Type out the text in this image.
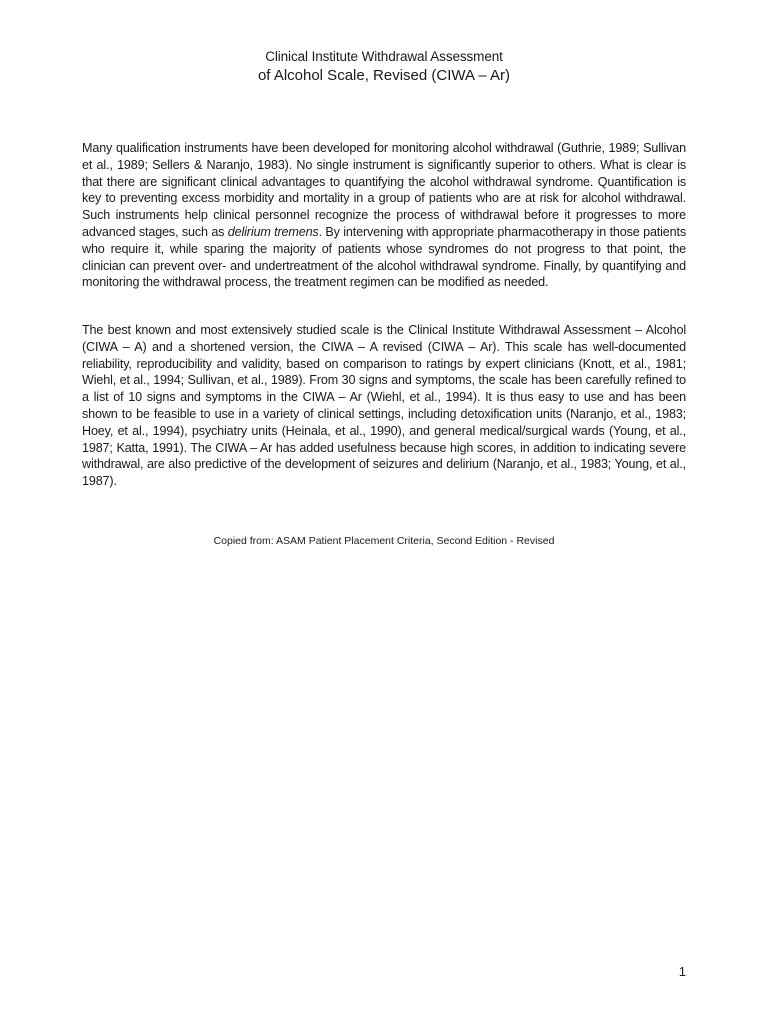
Clinical Institute Withdrawal Assessment
of Alcohol Scale, Revised (CIWA – Ar)

Many qualification instruments have been developed for monitoring alcohol withdrawal (Guthrie, 1989; Sullivan et al., 1989; Sellers & Naranjo, 1983). No single instrument is significantly superior to others. What is clear is that there are significant clinical advantages to quantifying the alcohol withdrawal syndrome. Quantification is key to preventing excess morbidity and mortality in a group of patients who are at risk for alcohol withdrawal. Such instruments help clinical personnel recognize the process of withdrawal before it progresses to more advanced stages, such as delirium tremens. By intervening with appropriate pharmacotherapy in those patients who require it, while sparing the majority of patients whose syndromes do not progress to that point, the clinician can prevent over- and undertreatment of the alcohol withdrawal syndrome. Finally, by quantifying and monitoring the withdrawal process, the treatment regimen can be modified as needed.

The best known and most extensively studied scale is the Clinical Institute Withdrawal Assessment – Alcohol (CIWA – A) and a shortened version, the CIWA – A revised (CIWA – Ar). This scale has well-documented reliability, reproducibility and validity, based on comparison to ratings by expert clinicians (Knott, et al., 1981; Wiehl, et al., 1994; Sullivan, et al., 1989). From 30 signs and symptoms, the scale has been carefully refined to a list of 10 signs and symptoms in the CIWA – Ar (Wiehl, et al., 1994). It is thus easy to use and has been shown to be feasible to use in a variety of clinical settings, including detoxification units (Naranjo, et al., 1983; Hoey, et al., 1994), psychiatry units (Heinala, et al., 1990), and general medical/surgical wards (Young, et al., 1987; Katta, 1991). The CIWA – Ar has added usefulness because high scores, in addition to indicating severe withdrawal, are also predictive of the development of seizures and delirium (Naranjo, et al., 1983; Young, et al., 1987).

Copied from: ASAM Patient Placement Criteria, Second Edition - Revised
1
